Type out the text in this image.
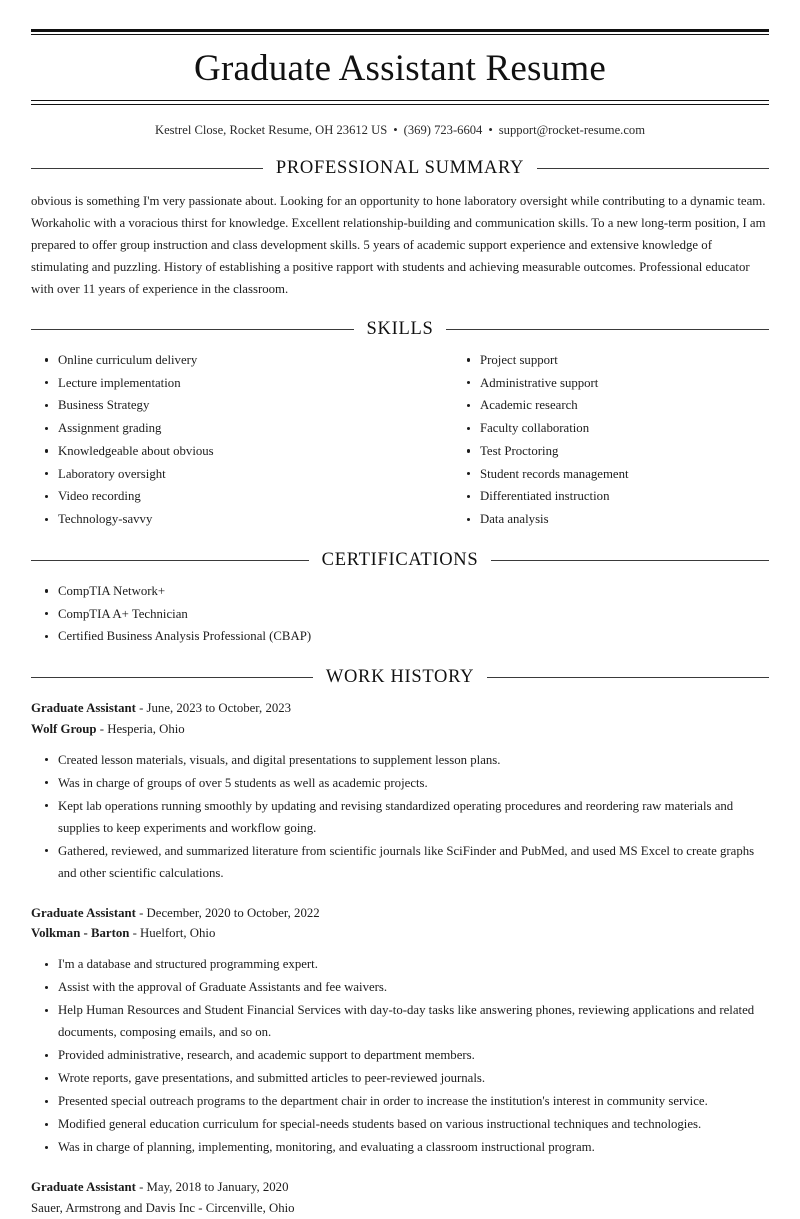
Graduate Assistant Resume
Kestrel Close, Rocket Resume, OH 23612 US • (369) 723-6604 • support@rocket-resume.com
PROFESSIONAL SUMMARY

obvious is something I'm very passionate about. Looking for an opportunity to hone laboratory oversight while contributing to a dynamic team. Workaholic with a voracious thirst for knowledge. Excellent relationship-building and communication skills. To a new long-term position, I am prepared to offer group instruction and class development skills. 5 years of academic support experience and extensive knowledge of stimulating and puzzling. History of establishing a positive rapport with students and achieving measurable outcomes. Professional educator with over 11 years of experience in the classroom.

SKILLS
Online curriculum delivery
Lecture implementation
Business Strategy
Assignment grading
Knowledgeable about obvious
Laboratory oversight
Video recording
Technology-savvy
Project support
Administrative support
Academic research
Faculty collaboration
Test Proctoring
Student records management
Differentiated instruction
Data analysis
CERTIFICATIONS
CompTIA Network+
CompTIA A+ Technician
Certified Business Analysis Professional (CBAP)
WORK HISTORY
Graduate Assistant - June, 2023 to October, 2023
Wolf Group - Hesperia, Ohio
Created lesson materials, visuals, and digital presentations to supplement lesson plans.
Was in charge of groups of over 5 students as well as academic projects.
Kept lab operations running smoothly by updating and revising standardized operating procedures and reordering raw materials and supplies to keep experiments and workflow going.
Gathered, reviewed, and summarized literature from scientific journals like SciFinder and PubMed, and used MS Excel to create graphs and other scientific calculations.
Graduate Assistant - December, 2020 to October, 2022
Volkman - Barton - Huelfort, Ohio
I'm a database and structured programming expert.
Assist with the approval of Graduate Assistants and fee waivers.
Help Human Resources and Student Financial Services with day-to-day tasks like answering phones, reviewing applications and related documents, composing emails, and so on.
Provided administrative, research, and academic support to department members.
Wrote reports, gave presentations, and submitted articles to peer-reviewed journals.
Presented special outreach programs to the department chair in order to increase the institution's interest in community service.
Modified general education curriculum for special-needs students based on various instructional techniques and technologies.
Was in charge of planning, implementing, monitoring, and evaluating a classroom instructional program.
Graduate Assistant - May, 2018 to January, 2020
Sauer, Armstrong and Davis Inc - Circenville, Ohio
